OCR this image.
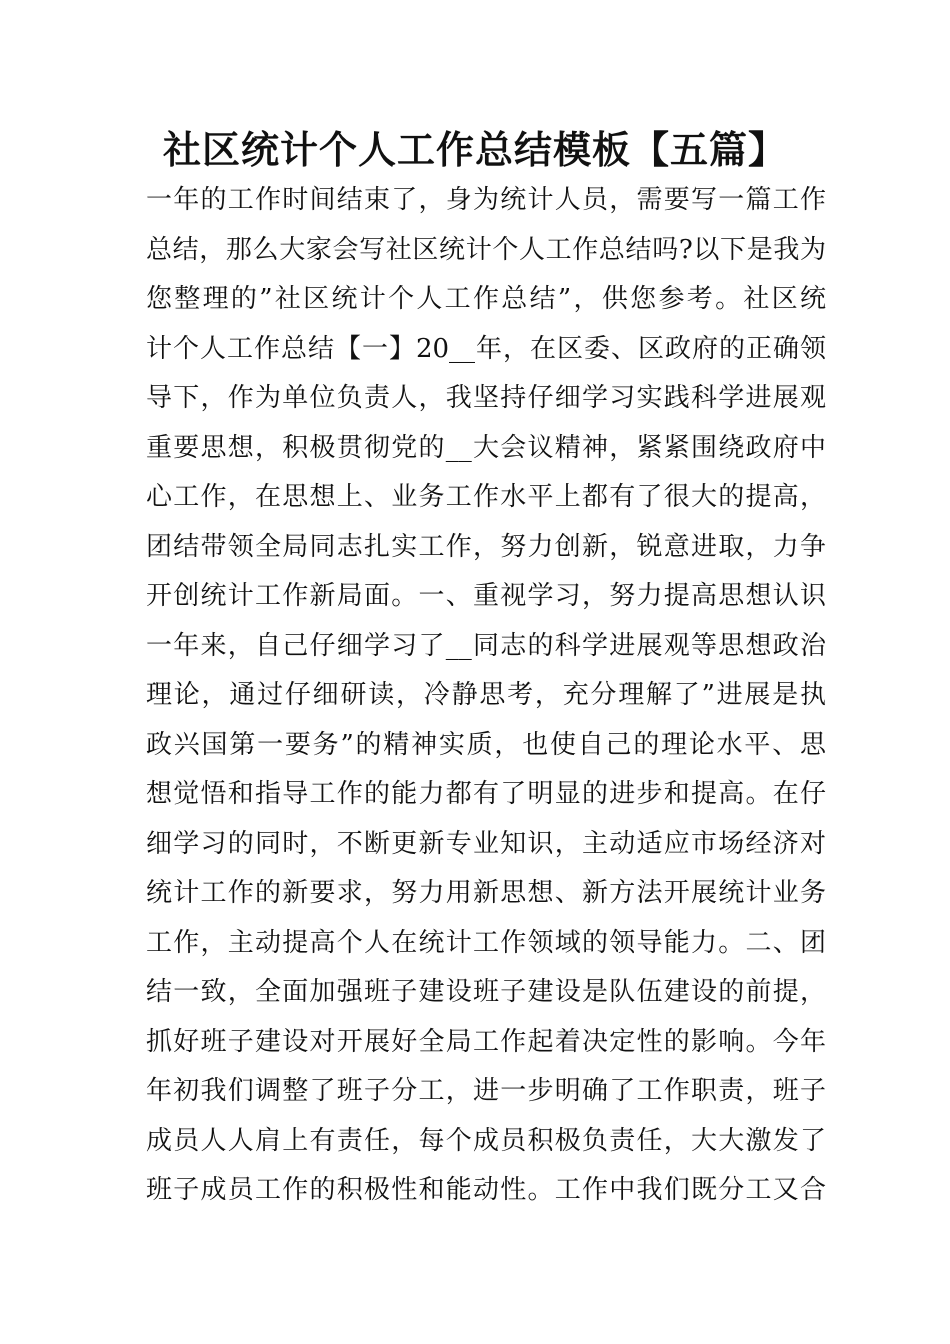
社区统计个人工作总结模板【五篇】
一年的工作时间结束了，身为统计人员，需要写一篇工作
总结，那么大家会写社区统计个人工作总结吗?以下是我为
您整理的”社区统计个人工作总结”，供您参考。社区统
计个人工作总结【一】20__年，在区委、区政府的正确领
导下，作为单位负责人，我坚持仔细学习实践科学进展观
重要思想，积极贯彻党的__大会议精神，紧紧围绕政府中
心工作，在思想上、业务工作水平上都有了很大的提高，
团结带领全局同志扎实工作，努力创新，锐意进取，力争
开创统计工作新局面。一、重视学习，努力提高思想认识
一年来，自己仔细学习了__同志的科学进展观等思想政治
理论，通过仔细研读，冷静思考，充分理解了”进展是执
政兴国第一要务”的精神实质，也使自己的理论水平、思
想觉悟和指导工作的能力都有了明显的进步和提高。在仔
细学习的同时，不断更新专业知识，主动适应市场经济对
统计工作的新要求，努力用新思想、新方法开展统计业务
工作，主动提高个人在统计工作领域的领导能力。二、团
结一致，全面加强班子建设班子建设是队伍建设的前提，
抓好班子建设对开展好全局工作起着决定性的影响。今年
年初我们调整了班子分工，进一步明确了工作职责，班子
成员人人肩上有责任，每个成员积极负责任，大大激发了
班子成员工作的积极性和能动性。工作中我们既分工又合
